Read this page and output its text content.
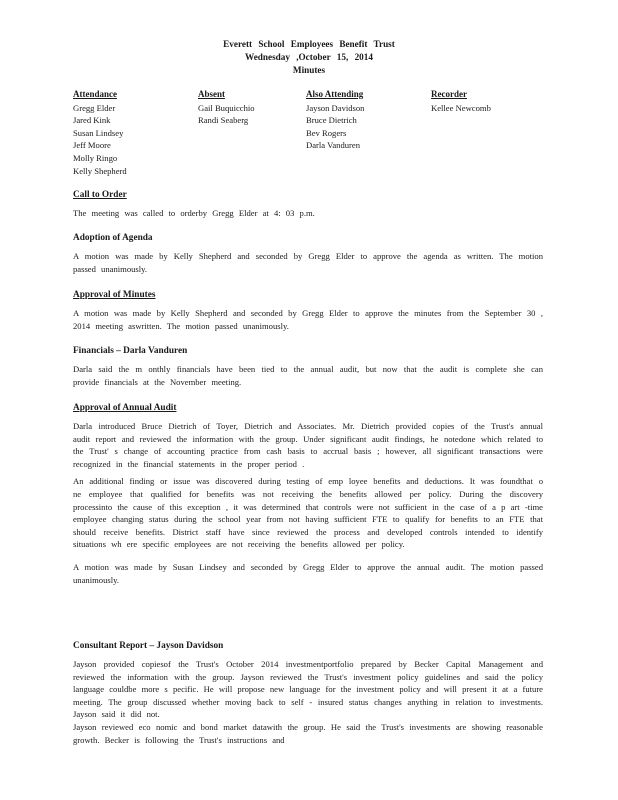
Everett School Employees Benefit Trust
Wednesday ,October 15, 2014
Minutes
Attendance
Gregg Elder
Jared Kink
Susan Lindsey
Jeff Moore
Molly Ringo
Kelly Shepherd
Absent
Gail Buquicchio
Randi Seaberg
Also Attending
Jayson Davidson
Bruce Dietrich
Bev Rogers
Darla Vanduren
Recorder
Kellee Newcomb
Call to Order

The meeting was called to orderby Gregg Elder at 4: 03 p.m.

Adoption of Agenda

A motion was made by Kelly Shepherd and seconded by Gregg Elder to approve the agenda as written. The motion passed unanimously.

Approval of Minutes

A motion was made by Kelly Shepherd and seconded by Gregg Elder to approve the minutes from the September 30 , 2014 meeting aswritten. The motion passed unanimously.

Financials – Darla Vanduren

Darla said the m onthly financials have been tied to the annual audit, but now that the audit is complete she can provide financials at the November meeting.

Approval of Annual Audit

Darla introduced Bruce Dietrich of Toyer, Dietrich and Associates. Mr. Dietrich provided copies of the Trust's annual audit report and reviewed the information with the group. Under significant audit findings, he notedone which related to the Trust' s change of accounting practice from cash basis to accrual basis ; however, all significant transactions were recognized in the financial statements in the proper period .

An additional finding or issue was discovered during testing of emp loyee benefits and deductions. It was foundthat o ne employee that qualified for benefits was not receiving the benefits allowed per policy. During the discovery processinto the cause of this exception , it was determined that controls were not sufficient in the case of a p art -time employee changing status during the school year from not having sufficient FTE to qualify for benefits to an FTE that should receive benefits. District staff have since reviewed the process and developed controls intended to identify situations wh ere specific employees are not receiving the benefits allowed per policy.

A motion was made by Susan Lindsey and seconded by Gregg Elder to approve the annual audit. The motion passed unanimously.

Consultant Report – Jayson Davidson

Jayson provided copiesof the Trust's October 2014 investmentportfolio prepared by Becker Capital Management and reviewed the information with the group. Jayson reviewed the Trust's investment policy guidelines and said the policy language couldbe more s pecific. He will propose new language for the investment policy and will present it at a future meeting. The group discussed whether moving back to self - insured status changes anything in relation to investments. Jayson said it did not.

Jayson reviewed eco nomic and bond market datawith the group. He said the Trust's investments are showing reasonable growth. Becker is following the Trust's instructions and
